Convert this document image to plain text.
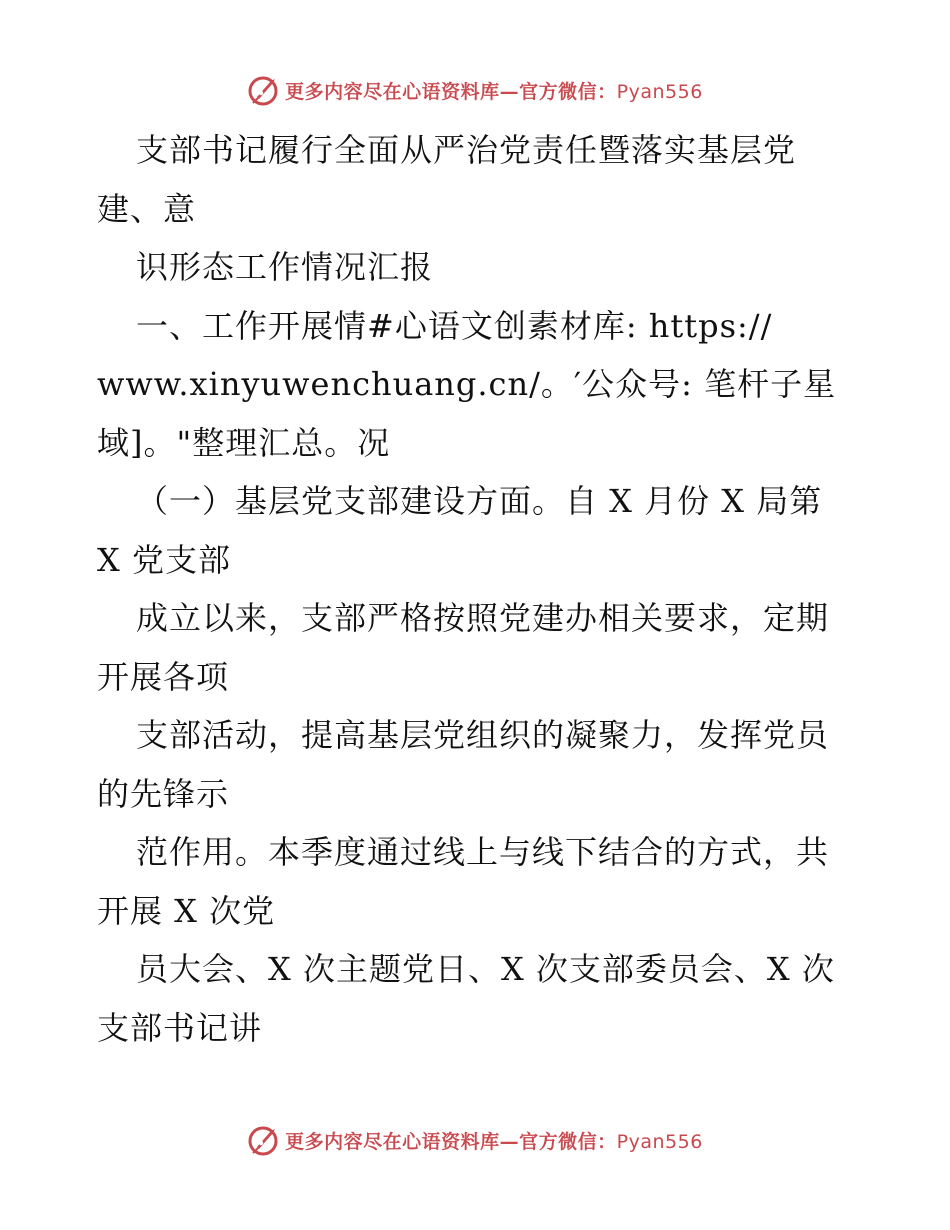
更多内容尽在心语资料库—官方微信：Pyan556
支部书记履行全面从严治党责任暨落实基层党
建、意
识形态工作情况汇报
一、工作开展情#心语文创素材库: https://
www.xinyuwenchuang.cn/。′公众号: 笔杆子星
域]。"整理汇总。况
（一）基层党支部建设方面。自 X 月份 X 局第
X 党支部
成立以来，支部严格按照党建办相关要求，定期
开展各项
支部活动，提高基层党组织的凝聚力，发挥党员
的先锋示
范作用。本季度通过线上与线下结合的方式，共
开展 X 次党
员大会、X 次主题党日、X 次支部委员会、X 次
支部书记讲
更多内容尽在心语资料库—官方微信：Pyan556
